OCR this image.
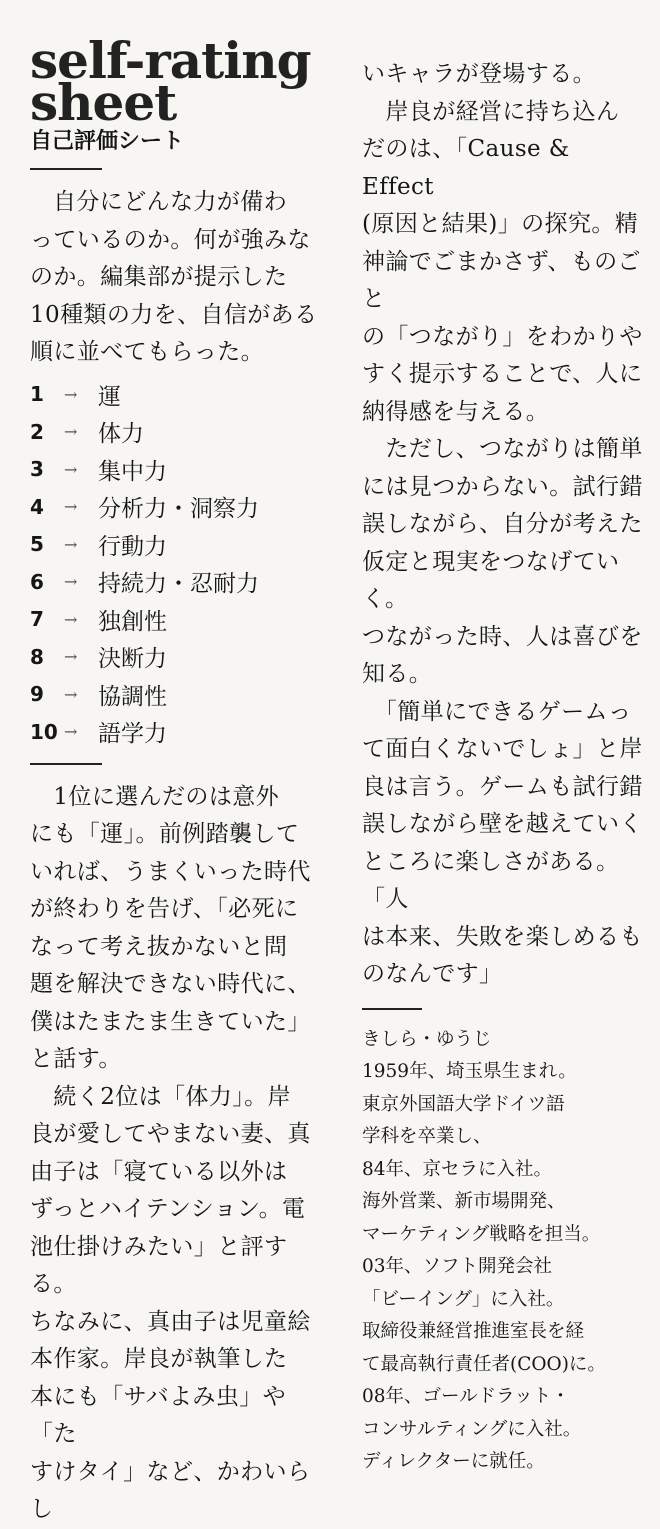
self-rating
sheet
自己評価シート

自分にどんな力が備わ

っているのか。何が強みな

のか。編集部が提示した

10種類の力を、自信がある

順に並べてもらった。

1	→ 運
2	→ 体力
3	→ 集中力
4	→ 分析力・洞察力
5	→ 行動力
6	→ 持続力・忍耐力
7	→ 独創性
8	→ 決断力
9	→ 協調性
10 → 語学力

　1位に選んだのは意外

にも「運」。前例踏襲して

いれば、うまくいった時代

が終わりを告げ、「必死に

なって考え抜かないと問

題を解決できない時代に、

僕はたまたま生きていた」

と話す。

　続く2位は「体力」。岸

良が愛してやまない妻、真

由子は「寝ている以外は

ずっとハイテンション。電

池仕掛けみたい」と評する。

ちなみに、真由子は児童絵

本作家。岸良が執筆した

本にも「サバよみ虫」や「た

すけタイ」など、かわいらし

いキャラが登場する。

　岸良が経営に持ち込ん

だのは、「Cause & Effect

(原因と結果)」の探究。精

神論でごまかさず、ものごと

の「つながり」をわかりや

すく提示することで、人に

納得感を与える。

　ただし、つながりは簡単

には見つからない。試行錯

誤しながら、自分が考えた

仮定と現実をつなげていく。

つながった時、人は喜びを

知る。

　「簡単にできるゲームっ

て面白くないでしょ」と岸

良は言う。ゲームも試行錯

誤しながら壁を越えていく

ところに楽しさがある。「人

は本来、失敗を楽しめるも

のなんです」

きしら・ゆうじ

1959年、埼玉県生まれ。

東京外国語大学ドイツ語

学科を卒業し、

84年、京セラに入社。

海外営業、新市場開発、

マーケティング戦略を担当。

03年、ソフト開発会社

「ビーイング」に入社。

取締役兼経営推進室長を経

て最高執行責任者(COO)に。

08年、ゴールドラット・

コンサルティングに入社。

ディレクターに就任。
